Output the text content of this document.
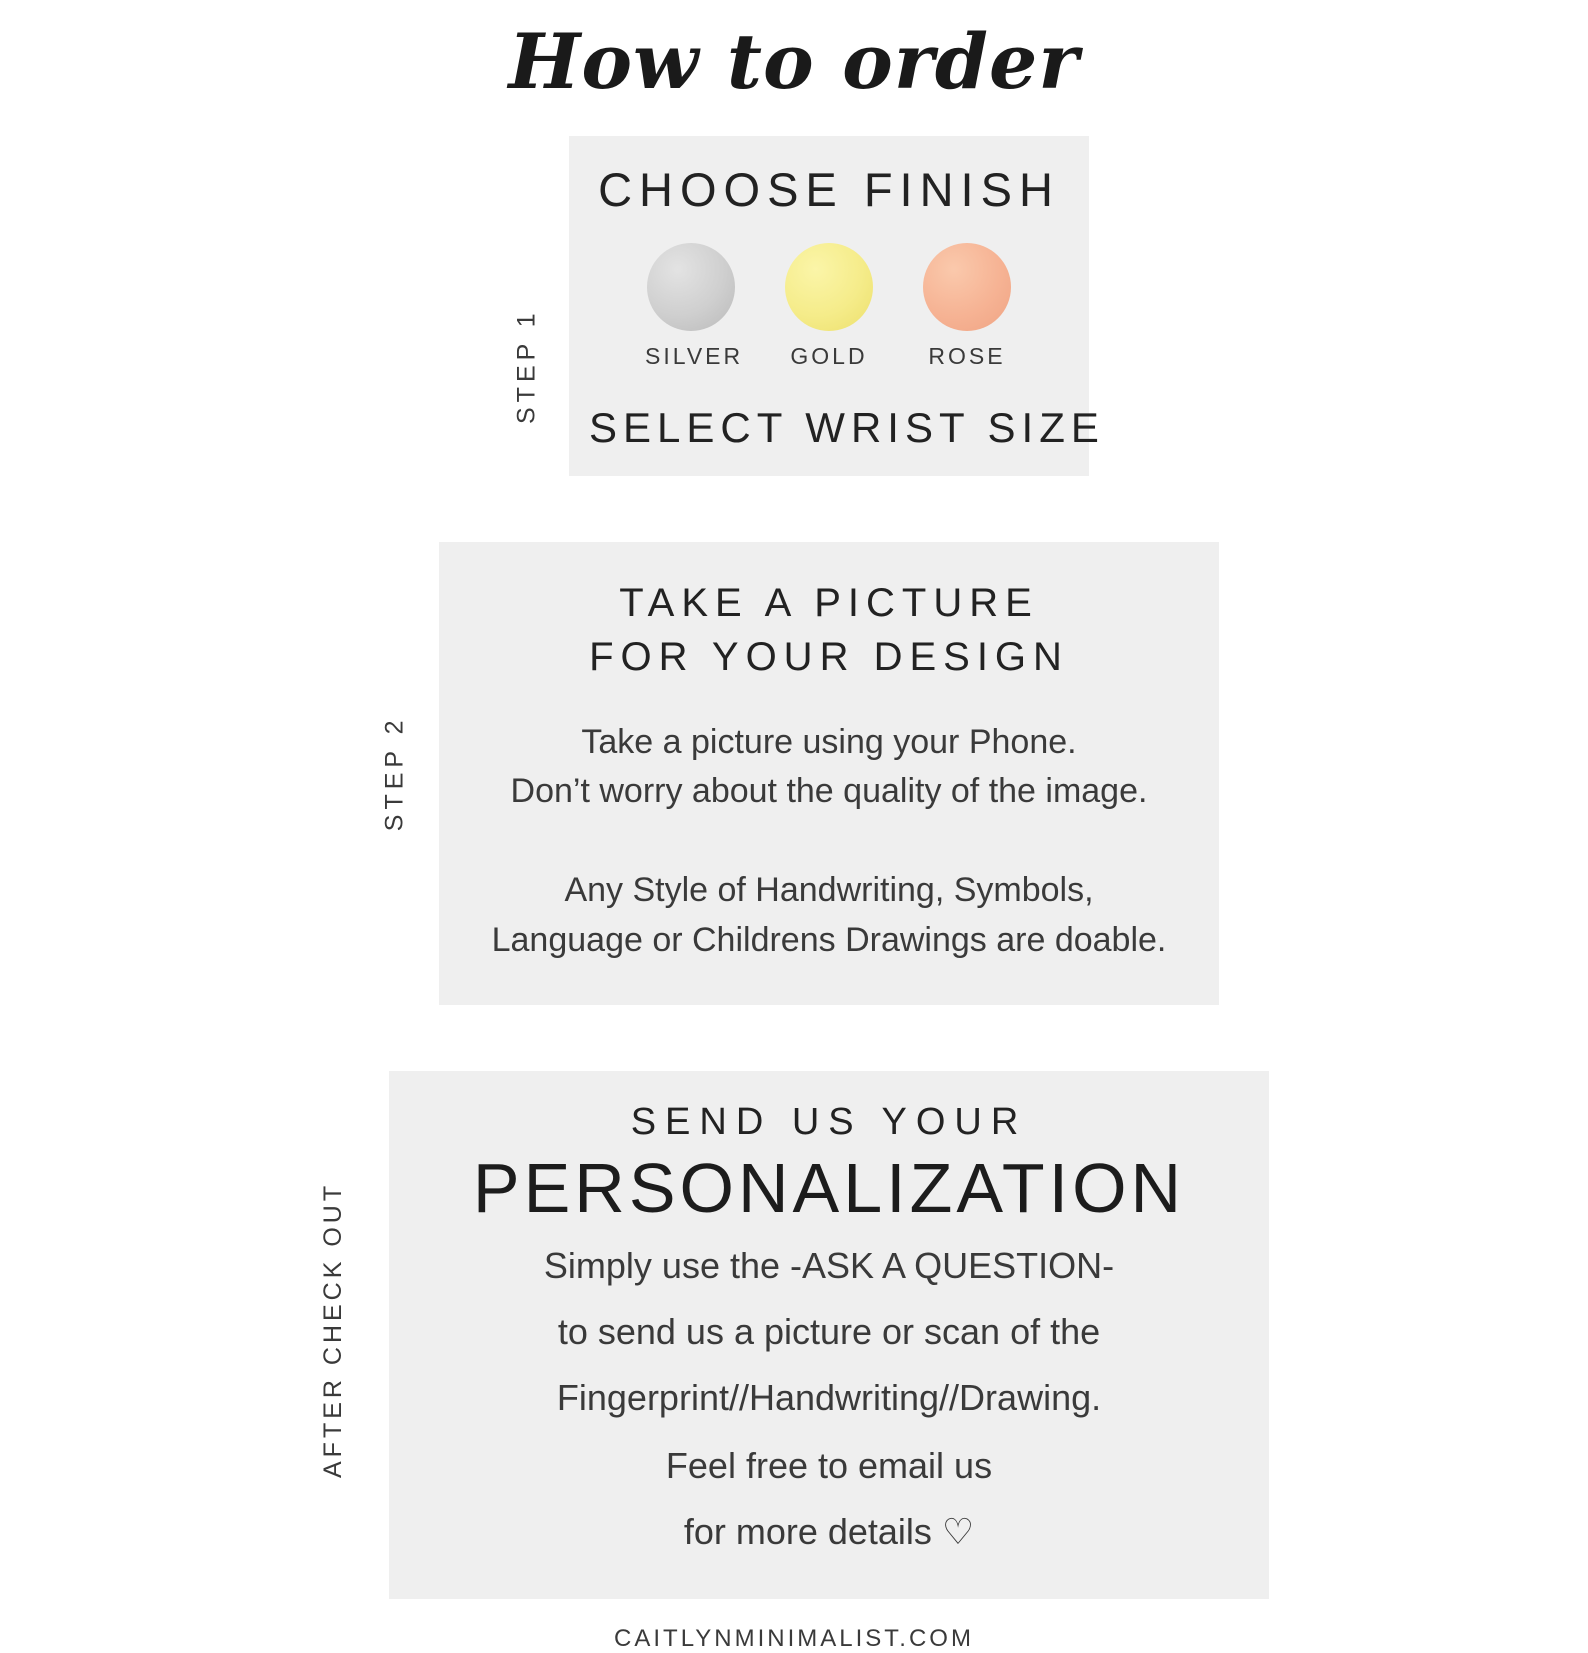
How to order
STEP 1
CHOOSE FINISH
SILVER	GOLD	ROSE
SELECT WRIST SIZE
STEP 2
TAKE A PICTURE
FOR YOUR DESIGN
Take a picture using your Phone.
Don’t worry about the quality of the image.
Any Style of Handwriting, Symbols,
Language or Childrens Drawings are doable.
AFTER CHECK OUT
SEND US YOUR
PERSONALIZATION
Simply use the -ASK A QUESTION-
to send us a picture or scan of the
Fingerprint//Handwriting//Drawing.
Feel free to email us
for more details ♡
CAITLYNMINIMALIST.COM
